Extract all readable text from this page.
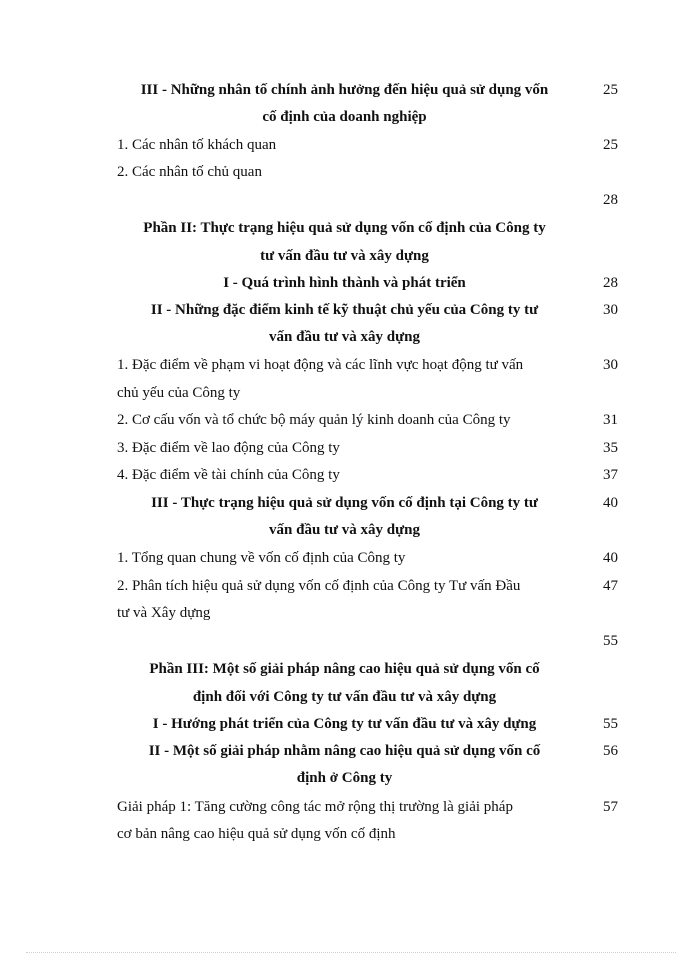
III - Những nhân tố chính ảnh hưởng đến hiệu quả sử dụng vốn	25
cố định của doanh nghiệp
1. Các nhân tố khách quan	25
2. Các nhân tố chủ quan
28
Phần II: Thực trạng hiệu quả sử dụng vốn cố định của Công ty
tư vấn đầu tư và xây dựng
I - Quá trình hình thành và phát triển	28
II - Những đặc điểm kinh tế kỹ thuật chủ yếu của Công ty tư	30
vấn đầu tư và xây dựng
1. Đặc điểm về phạm vi hoạt động và các lĩnh vực hoạt động tư vấn	30
chủ yếu của Công ty
2. Cơ cấu vốn và tổ chức bộ máy quản lý kinh doanh của Công ty	31
3. Đặc điểm về lao động của Công ty	35
4. Đặc điểm về tài chính của Công ty	37
III - Thực trạng hiệu quả sử dụng vốn cố định tại Công ty tư	40
vấn đầu tư và xây dựng
1. Tổng quan chung về vốn cố định của Công ty	40
2. Phân tích hiệu quả sử dụng vốn cố định của Công ty Tư vấn Đầu	47
tư và Xây dựng
55
Phần III: Một số giải pháp nâng cao hiệu quả sử dụng vốn cố
định đối với Công ty tư vấn đầu tư và xây dựng
I - Hướng phát triển của Công ty tư vấn đầu tư và xây dựng	55
II - Một số giải pháp nhằm nâng cao hiệu quả sử dụng vốn cố	56
định ở Công ty
Giải pháp 1: Tăng cường công tác mở rộng thị trường là giải pháp	57
cơ bản nâng cao hiệu quả sử dụng vốn cố định
